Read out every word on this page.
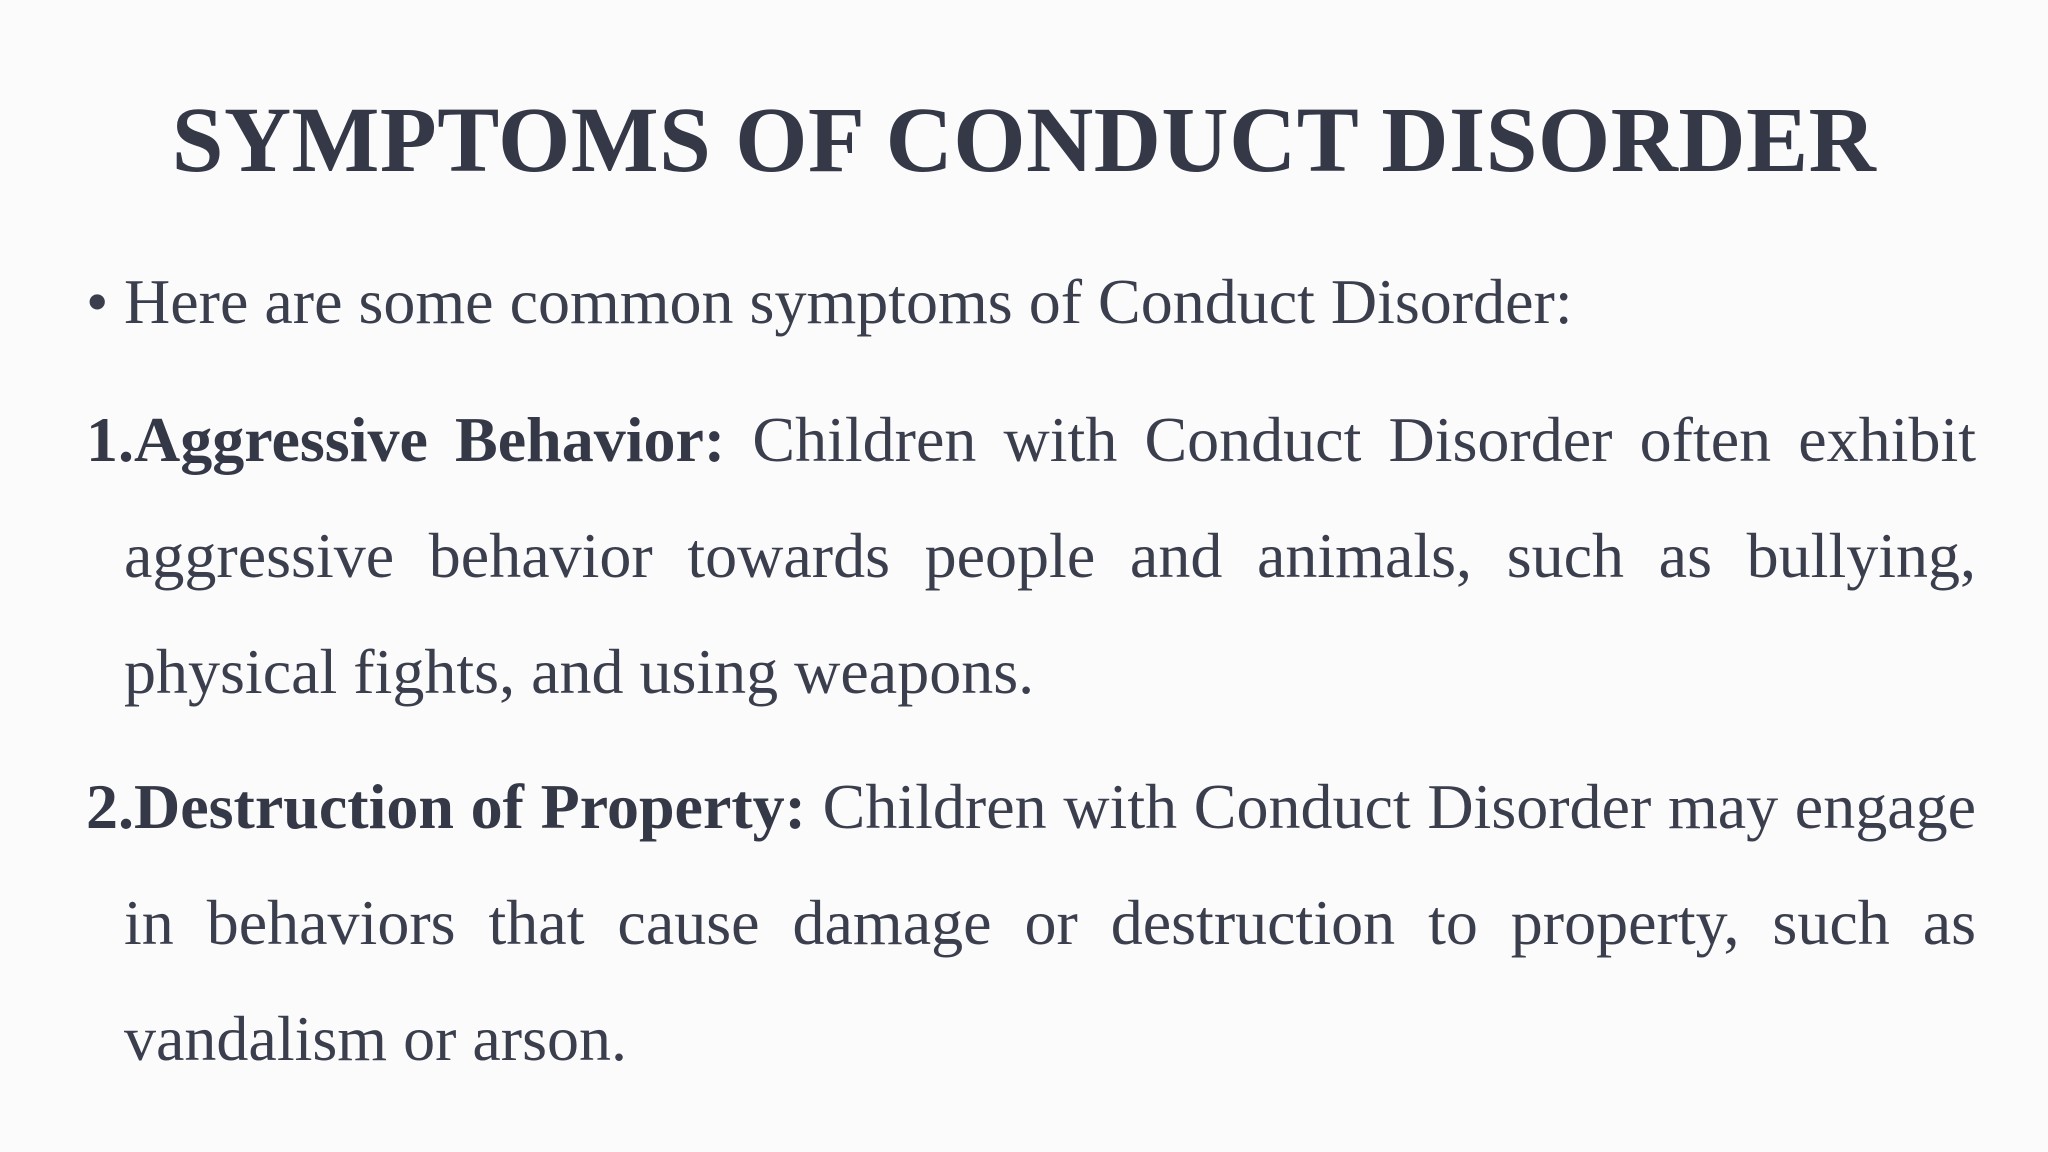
SYMPTOMS OF CONDUCT DISORDER

• Here are some common symptoms of Conduct Disorder:

1.Aggressive Behavior: Children with Conduct Disorder often exhibit aggressive behavior towards people and animals, such as bullying, physical fights, and using weapons.

2.Destruction of Property: Children with Conduct Disorder may engage in behaviors that cause damage or destruction to property, such as vandalism or arson.
